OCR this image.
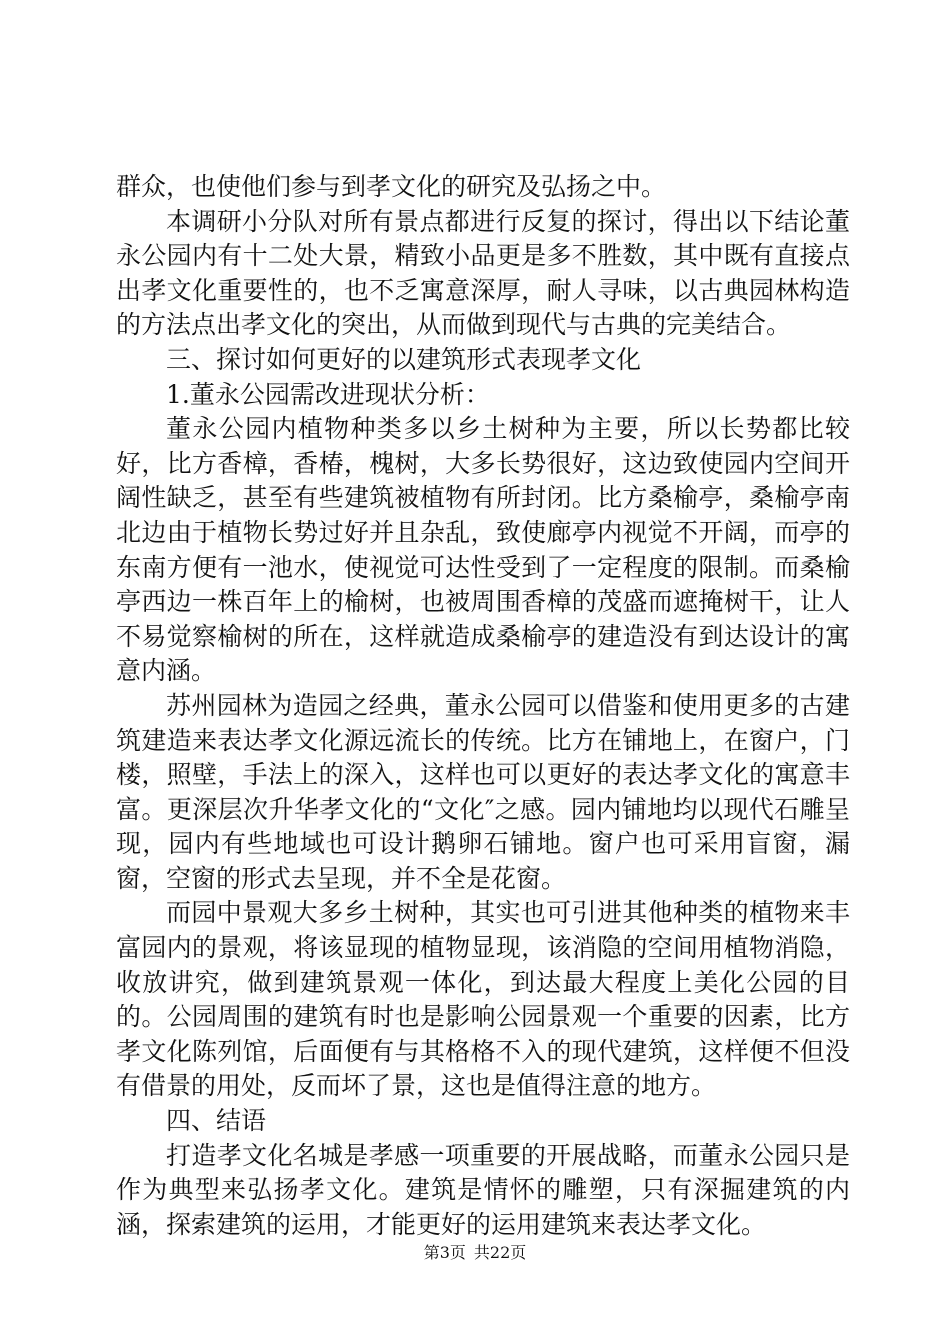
群众，也使他们参与到孝文化的研究及弘扬之中。

本调研小分队对所有景点都进行反复的探讨，得出以下结论董永公园内有十二处大景，精致小品更是多不胜数，其中既有直接点出孝文化重要性的，也不乏寓意深厚，耐人寻味，以古典园林构造的方法点出孝文化的突出，从而做到现代与古典的完美结合。

三、探讨如何更好的以建筑形式表现孝文化

1.董永公园需改进现状分析：

董永公园内植物种类多以乡土树种为主要，所以长势都比较好，比方香樟，香椿，槐树，大多长势很好，这边致使园内空间开阔性缺乏，甚至有些建筑被植物有所封闭。比方桑榆亭，桑榆亭南北边由于植物长势过好并且杂乱，致使廊亭内视觉不开阔，而亭的东南方便有一池水，使视觉可达性受到了一定程度的限制。而桑榆亭西边一株百年上的榆树，也被周围香樟的茂盛而遮掩树干，让人不易觉察榆树的所在，这样就造成桑榆亭的建造没有到达设计的寓意内涵。

苏州园林为造园之经典，董永公园可以借鉴和使用更多的古建筑建造来表达孝文化源远流长的传统。比方在铺地上，在窗户，门楼，照壁，手法上的深入，这样也可以更好的表达孝文化的寓意丰富。更深层次升华孝文化的“文化″之感。园内铺地均以现代石雕呈现，园内有些地域也可设计鹅卵石铺地。窗户也可采用盲窗，漏窗，空窗的形式去呈现，并不全是花窗。

而园中景观大多乡土树种，其实也可引进其他种类的植物来丰富园内的景观，将该显现的植物显现，该消隐的空间用植物消隐，收放讲究，做到建筑景观一体化，到达最大程度上美化公园的目的。公园周围的建筑有时也是影响公园景观一个重要的因素，比方孝文化陈列馆，后面便有与其格格不入的现代建筑，这样便不但没有借景的用处，反而坏了景，这也是值得注意的地方。

四、结语

打造孝文化名城是孝感一项重要的开展战略，而董永公园只是作为典型来弘扬孝文化。建筑是情怀的雕塑，只有深掘建筑的内涵，探索建筑的运用，才能更好的运用建筑来表达孝文化。

第3页 共22页
